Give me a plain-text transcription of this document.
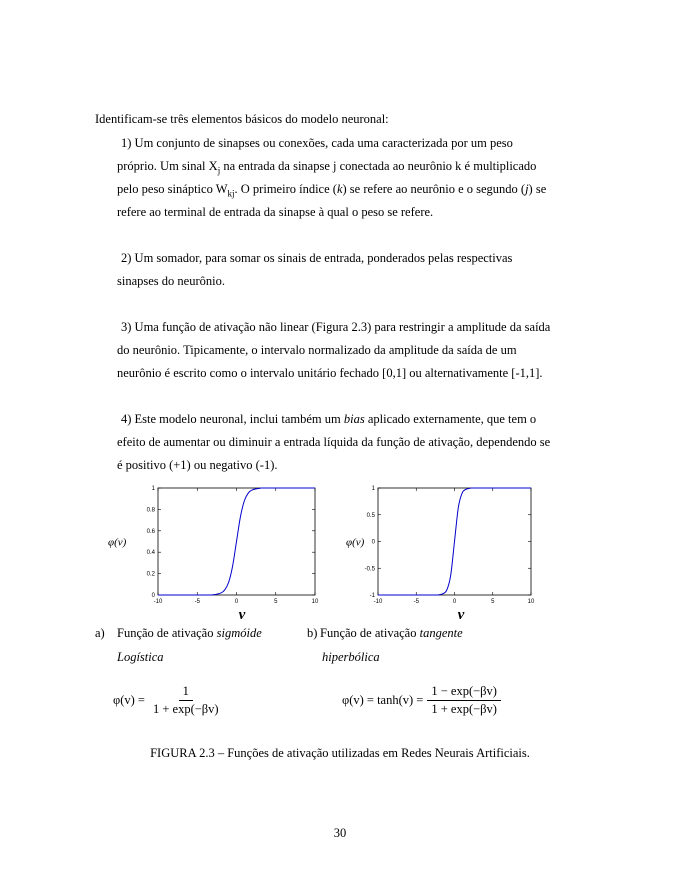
Identificam-se três elementos básicos do modelo neuronal:
1) Um conjunto de sinapses ou conexões, cada uma caracterizada por um peso
próprio. Um sinal $X_j$ na entrada da sinapse j conectada ao neurônio k é multiplicado
pelo peso sináptico $W_{kj}$. O primeiro índice (k) se refere ao neurônio e o segundo (j) se
refere ao terminal de entrada da sinapse à qual o peso se refere.
2) Um somador, para somar os sinais de entrada, ponderados pelas respectivas
sinapses do neurônio.
3) Uma função de ativação não linear (Figura 2.3) para restringir a amplitude da saída
do neurônio. Tipicamente, o intervalo normalizado da amplitude da saída de um
neurônio é escrito como o intervalo unitário fechado [0,1] ou alternativamente [-1,1].
4) Este modelo neuronal, inclui também um bias aplicado externamente, que tem o
efeito de aumentar ou diminuir a entrada líquida da função de ativação, dependendo se
é positivo (+1) ou negativo (-1).
-10	-5	0	5	10
0
0.2
0.4
0.6
0.8
1
φ(v)
v
-10	-5	0	5	10
-1
-0.5
0
0.5
1
φ(v)
v
a) Função de ativação sigmóide
Logística
b) Função de ativação tangente
hiperbólica
$\varphi(v) = \frac{1}{1 + \exp(-\beta v)}$	$\varphi(v) = \tanh(v) = \frac{1 - \exp(-\beta v)}{1 + \exp(-\beta v)}$
FIGURA 2.3 – Funções de ativação utilizadas em Redes Neurais Artificiais.
30
